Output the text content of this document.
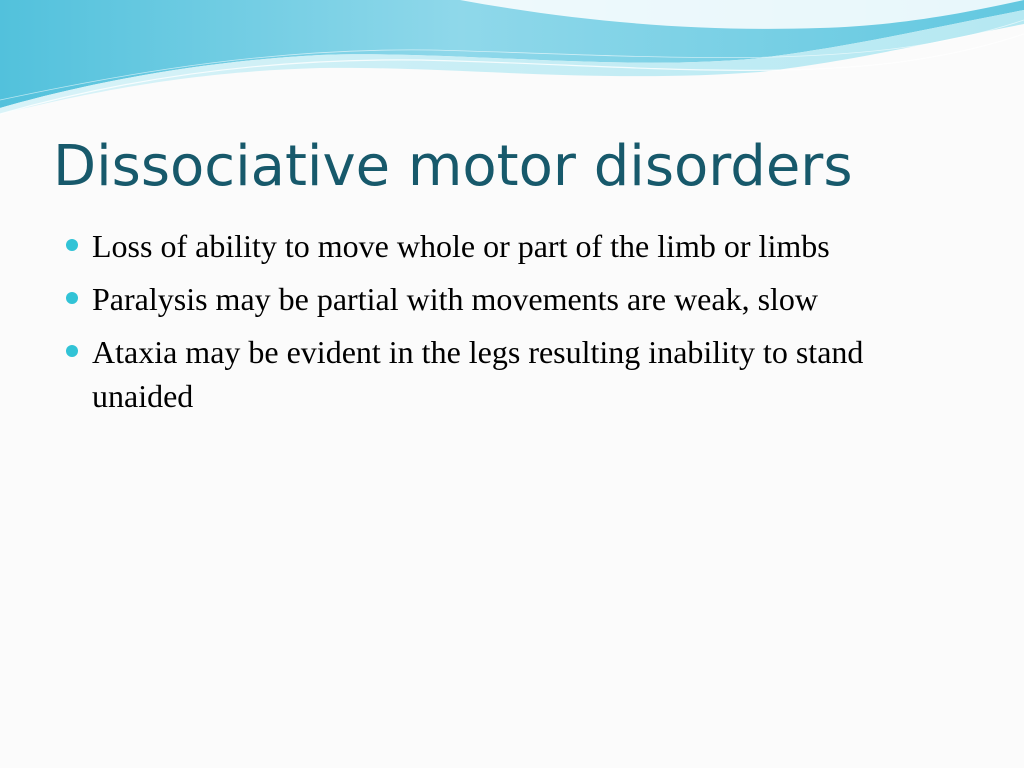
Dissociative motor disorders
Loss of ability to move whole or part of the limb or limbs
Paralysis may be partial with movements are weak, slow
Ataxia may be evident in the legs resulting inability to stand unaided
